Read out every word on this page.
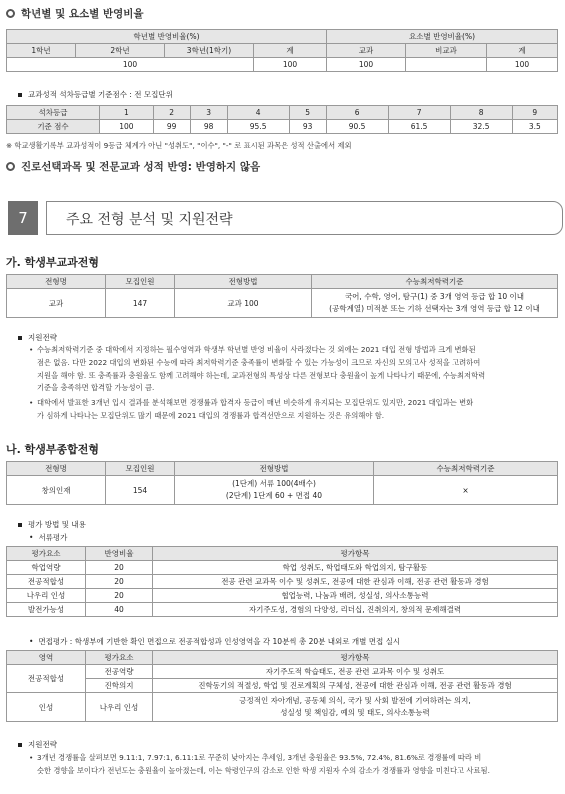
학년별 및 요소별 반영비율
학년별 반영비율(%)				요소별 반영비율(%)		
1학년	2학년	3학년(1학기)	계	교과	비교과	계
100			100	100		100
교과성적 석차등급별 기준점수 : 전 모집단위
석차등급	1	2	3	4	5	6	7	8	9
기준 점수	100	99	98	95.5	93	90.5	61.5	32.5	3.5
※ 학교생활기록부 교과성적이 9등급 체계가 아닌 "성취도", "이수", "-" 로 표시된 과목은 성적 산출에서 제외
진로선택과목 및 전문교과 성적 반영: 반영하지 않음
7	주요 전형 분석 및 지원전략
가. 학생부교과전형
전형명	모집인원	전형방법	수능최저학력기준
교과	147	교과 100	국어, 수학, 영어, 탐구(1) 중 3개 영역 등급 합 10 이내
(공학계열) 미적분 또는 기하 선택자는 3개 영역 등급 합 12 이내
지원전략
• 수능최저학력기준 중 대학에서 지정하는 필수영역과 학생부 학년별 반영 비율이 사라졌다는 것 외에는 2021 대입 전형 방법과 크게 변화된
점은 없음. 다만 2022 대입의 변화된 수능에 따라 최저학력기준 충족률이 변화할 수 있는 가능성이 크므로 자신의 모의고사 성적을 고려하여
지원을 해야 함. 또 충족률과 충원율도 함께 고려해야 하는데, 교과전형의 특성상 다른 전형보다 충원율이 높게 나타나기 때문에, 수능최저학력
기준을 충족하면 합격할 가능성이 큼.
• 대학에서 발표한 3개년 입시 결과를 분석해보면 경쟁률과 합격자 등급이 매년 비슷하게 유지되는 모집단위도 있지만, 2021 대입과는 변화
가 심하게 나타나는 모집단위도 많기 때문에 2021 대입의 경쟁률과 합격선만으로 지원하는 것은 유의해야 함.
나. 학생부종합전형
전형명	모집인원	전형방법	수능최저학력기준
창의인재	154	(1단계) 서류 100(4배수)
(2단계) 1단계 60 + 면접 40	×
평가 방법 및 내용
• 서류평가
평가요소	반영비율	평가항목
학업역량	20	학업 성취도, 학업태도와 학업의지, 탐구활동
전공적합성	20	전공 관련 교과목 이수 및 성취도, 전공에 대한 관심과 이해, 전공 관련 활동과 경험
나우리 인성	20	협업능력, 나눔과 배려, 성실성, 의사소통능력
발전가능성	40	자기주도성, 경험의 다양성, 리더십, 진취의지, 창의적 문제해결력
• 면접평가 : 학생부에 기반한 확인 면접으로 전공적합성과 인성영역을 각 10분씩 총 20분 내외로 개별 면접 실시
영역	평가요소	평가항목
전공적합성	전공역량	자기주도적 학습태도, 전공 관련 교과목 이수 및 성취도
	진학의지	진학동기의 적절성, 학업 및 진로계획의 구체성, 전공에 대한 관심과 이해, 전공 관련 활동과 경험
인성	나우리 인성	긍정적인 자아개념, 공동체 의식, 국가 및 사회 발전에 기여하려는 의지,
성실성 및 책임감, 예의 및 태도, 의사소통능력
지원전략
• 3개년 경쟁률을 살펴보면 9.11:1, 7.97:1, 6.11:1로 꾸준히 낮아지는 추세임, 3개년 충원율은 93.5%, 72.4%, 81.6%로 경쟁률에 따라 비
슷한 경향을 보이다가 전년도는 충원율이 높아졌는데, 이는 학령인구의 감소로 인한 학생 지원자 수의 감소가 경쟁률과 영향을 미친다고 사료됨.
